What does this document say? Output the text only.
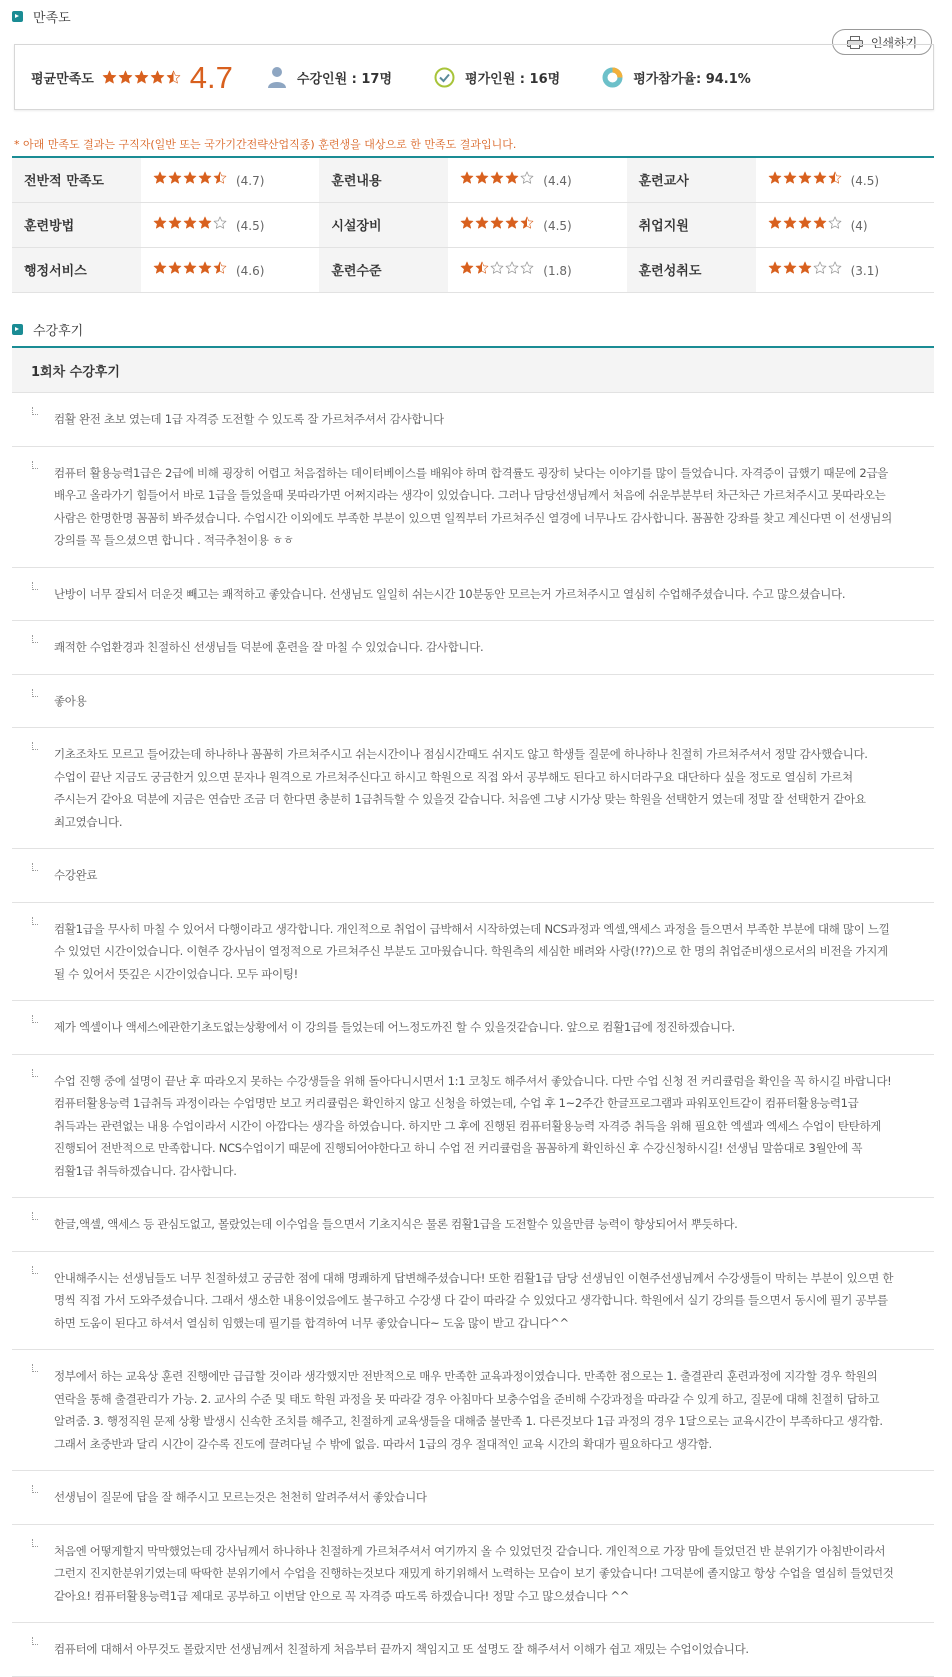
만족도
인쇄하기
평균만족도	4.7	수강인원 : 17명	평가인원 : 16명	평가참가율: 94.1%
* 아래 만족도 결과는 구직자(일반 또는 국가기간전략산업직종) 훈련생을 대상으로 한 만족도 결과입니다.
전반적 만족도	(4.7)	훈련내용	(4.4)	훈련교사	(4.5)
훈련방법	(4.5)	시설장비	(4.5)	취업지원	(4)
행정서비스	(4.6)	훈련수준	(1.8)	훈련성취도	(3.1)
수강후기
1회차 수강후기
컴활 완전 초보 였는데 1급 자격증 도전할 수 있도록 잘 가르쳐주셔서 감사합니다
컴퓨터 활용능력1급은 2급에 비해 굉장히 어렵고 처음접하는 데이터베이스를 배워야 하며 합격률도 굉장히 낮다는 이야기를 많이 들었습니다. 자격증이 급했기 때문에 2급을 배우고 올라가기 힘들어서 바로 1급을 들었을때 못따라가면 어쩌지라는 생각이 있었습니다. 그러나 담당선생님께서 처음에 쉬운부분부터 차근차근 가르쳐주시고 못따라오는 사람은 한명한명 꼼꼼히 봐주셨습니다. 수업시간 이외에도 부족한 부분이 있으면 일찍부터 가르쳐주신 열경에 너무나도 감사합니다. 꼼꼼한 강좌를 찾고 계신다면 이 선생님의 강의를 꼭 들으셨으면 합니다 . 적극추천이용 ㅎㅎ
난방이 너무 잘되서 더운것 빼고는 쾌적하고 좋았습니다. 선생님도 일일히 쉬는시간 10분동안 모르는거 가르쳐주시고 열심히 수업해주셨습니다. 수고 많으셨습니다.
쾌적한 수업환경과 친절하신 선생님들 덕분에 훈련을 잘 마칠 수 있었습니다. 감사합니다.
좋아용
기초조차도 모르고 들어갔는데 하나하나 꼼꼼히 가르쳐주시고 쉬는시간이나 점심시간때도 쉬지도 않고 학생들 질문에 하나하나 친절히 가르쳐주셔서 정말 감사했습니다. 수업이 끝난 지금도 궁금한거 있으면 문자나 원격으로 가르쳐주신다고 하시고 학원으로 직접 와서 공부해도 된다고 하시더라구요 대단하다 싶을 정도로 열심히 가르쳐 주시는거 같아요 덕분에 지금은 연습만 조금 더 한다면 충분히 1급취득할 수 있을것 같습니다. 처음엔 그냥 시가상 맞는 학원을 선택한거 였는데 정말 잘 선택한거 같아요 최고였습니다.
수강완료
컴활1급을 무사히 마칠 수 있어서 다행이라고 생각합니다. 개인적으로 취업이 급박해서 시작하였는데 NCS과정과 엑셀,액세스 과정을 들으면서 부족한 부분에 대해 많이 느낄 수 있었던 시간이었습니다. 이현주 강사님이 열정적으로 가르쳐주신 부분도 고마웠습니다. 학원측의 세심한 배려와 사랑(!??)으로 한 명의 취업준비생으로서의 비전을 가지게 될 수 있어서 뜻깊은 시간이었습니다. 모두 파이팅!
제가 엑셀이나 액세스에관한기초도없는상황에서 이 강의를 들었는데 어느정도까진 할 수 있을것같습니다. 앞으로 컴활1급에 정진하겠습니다.
수업 진행 중에 설명이 끝난 후 따라오지 못하는 수강생들을 위해 돌아다니시면서 1:1 코칭도 해주셔서 좋았습니다. 다만 수업 신청 전 커리큘럼을 확인을 꼭 하시길 바랍니다! 컴퓨터활용능력 1급취득 과정이라는 수업명만 보고 커리큘럼은 확인하지 않고 신청을 하였는데, 수업 후 1~2주간 한글프로그램과 파워포인트같이 컴퓨터활용능력1급 취득과는 관련없는 내용 수업이라서 시간이 아깝다는 생각을 하였습니다. 하지만 그 후에 진행된 컴퓨터활용능력 자격증 취득을 위해 필요한 엑셀과 엑세스 수업이 탄탄하게 진행되어 전반적으로 만족합니다. NCS수업이기 때문에 진행되어야한다고 하니 수업 전 커리큘럼을 꼼꼼하게 확인하신 후 수강신청하시길! 선생님 말씀대로 3월안에 꼭 컴활1급 취득하겠습니다. 감사합니다.
한글,액셀, 액세스 등 관심도없고, 몰랐었는데 이수업을 들으면서 기초지식은 물론 컴활1급을 도전할수 있을만큼 능력이 향상되어서 뿌듯하다.
안내해주시는 선생님들도 너무 친절하셨고 궁금한 점에 대해 명쾌하게 답변해주셨습니다! 또한 컴활1급 담당 선생님인 이현주선생님께서 수강생들이 막히는 부분이 있으면 한 명씩 직접 가서 도와주셨습니다. 그래서 생소한 내용이었음에도 불구하고 수강생 다 같이 따라갈 수 있었다고 생각합니다. 학원에서 실기 강의를 들으면서 동시에 필기 공부를 하면 도움이 된다고 하셔서 열심히 임했는데 필기를 합격하여 너무 좋았습니다~ 도움 많이 받고 갑니다^^
정부에서 하는 교육상 훈련 진행에만 급급할 것이라 생각했지만 전반적으로 매우 만족한 교육과정이였습니다. 만족한 점으로는 1. 출결관리 훈련과정에 지각할 경우 학원의 연락을 통해 출결관리가 가능. 2. 교사의 수준 및 태도 학원 과정을 못 따라갈 경우 아침마다 보충수업을 준비해 수강과정을 따라갈 수 있게 하고, 질문에 대해 친절히 답하고 알려줌. 3. 행정직원 문제 상황 발생시 신속한 조치를 해주고, 친절하게 교육생들을 대해줌 불만족 1. 다른것보다 1급 과정의 경우 1달으로는 교육시간이 부족하다고 생각함. 그래서 초중반과 달리 시간이 갈수록 진도에 끌려다닐 수 밖에 없음. 따라서 1급의 경우 절대적인 교육 시간의 확대가 필요하다고 생각함.
선생님이 질문에 답을 잘 해주시고 모르는것은 천천히 알려주셔서 좋았습니다
처음엔 어떻게할지 막막했었는데 강사님께서 하나하나 친절하게 가르쳐주셔서 여기까지 올 수 있었던것 같습니다. 개인적으로 가장 맘에 들었던건 반 분위기가 아침반이라서 그런지 진지한분위기였는데 딱딱한 분위기에서 수업을 진행하는것보다 재밌게 하기위해서 노력하는 모습이 보기 좋았습니다! 그덕분에 졸지않고 항상 수업을 열심히 들었던것 같아요! 컴퓨터활용능력1급 제대로 공부하고 이번달 안으로 꼭 자격증 따도록 하겠습니다! 정말 수고 많으셨습니다 ^^
컴퓨터에 대해서 아무것도 몰랐지만 선생님께서 친절하게 처음부터 끝까지 책임지고 또 설명도 잘 해주셔서 이해가 쉽고 재밌는 수업이었습니다.
